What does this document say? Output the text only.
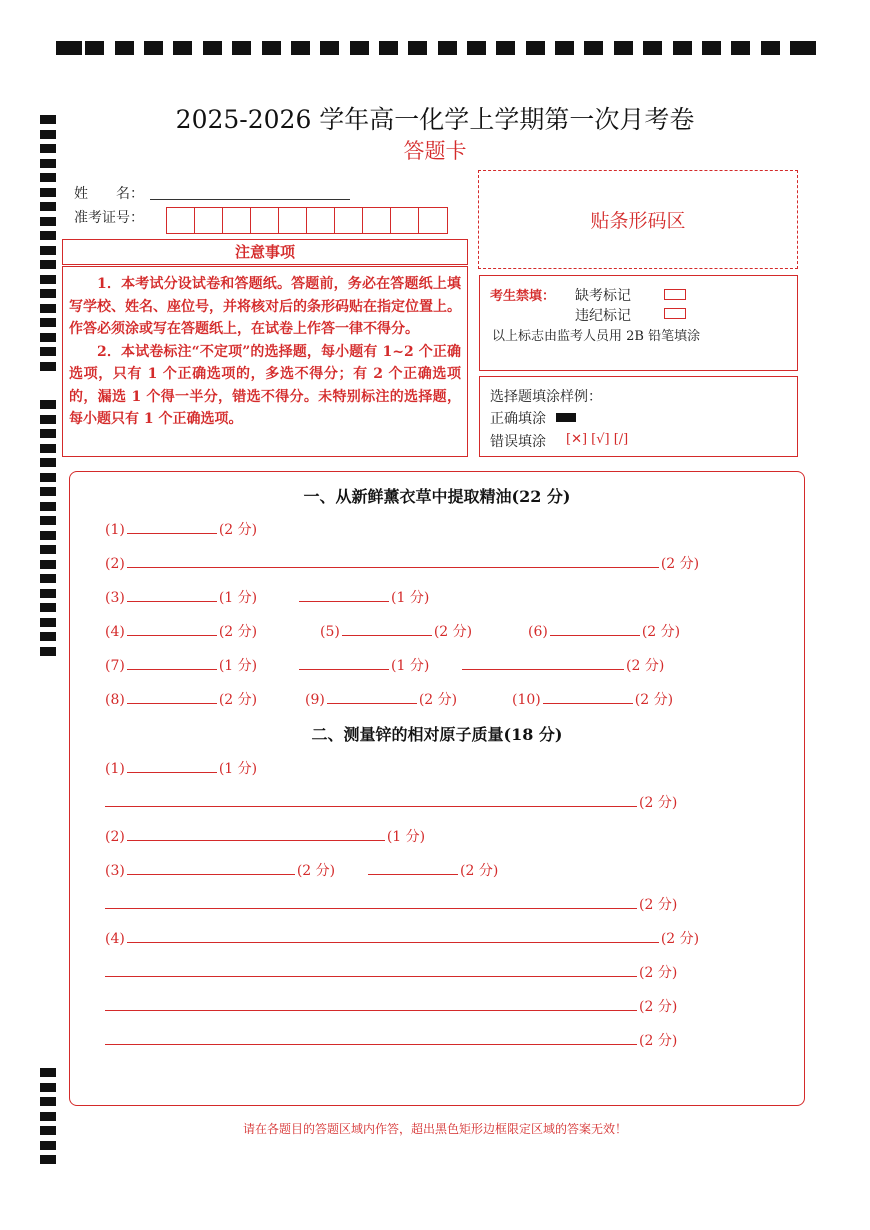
2025-2026 学年高一化学上学期第一次月考卷
答题卡
姓　　名：
准考证号：
注意事项

1．本考试分设试卷和答题纸。答题前，务必在答题纸上填写学校、姓名、座位号，并将核对后的条形码贴在指定位置上。作答必须涂或写在答题纸上，在试卷上作答一律不得分。

2．本试卷标注“不定项”的选择题，每小题有 1~2 个正确选项，只有 1 个正确选项的，多选不得分；有 2 个正确选项的，漏选 1 个得一半分，错选不得分。未特别标注的选择题，每小题只有 1 个正确选项。

贴条形码区
考生禁填： 缺考标记
违纪标记
以上标志由监考人员用 2B 铅笔填涂
选择题填涂样例：
正确填涂
错误填涂 [✕] [√] [/]
一、从新鲜薰衣草中提取精油(22 分)
(1)	(2 分)
(2)	(2 分)
(3)	(1 分)	(1 分)
(4)	(2 分)	(5)	(2 分)	(6)	(2 分)
(7)	(1 分)	(1 分)	(2 分)
(8)	(2 分)	(9)	(2 分)	(10)	(2 分)
二、测量锌的相对原子质量(18 分)
(1)	(1 分)
(2 分)
(2)	(1 分)
(3)	(2 分)	(2 分)
(2 分)
(4)	(2 分)
(2 分)
(2 分)
(2 分)
请在各题目的答题区域内作答，超出黑色矩形边框限定区域的答案无效！
